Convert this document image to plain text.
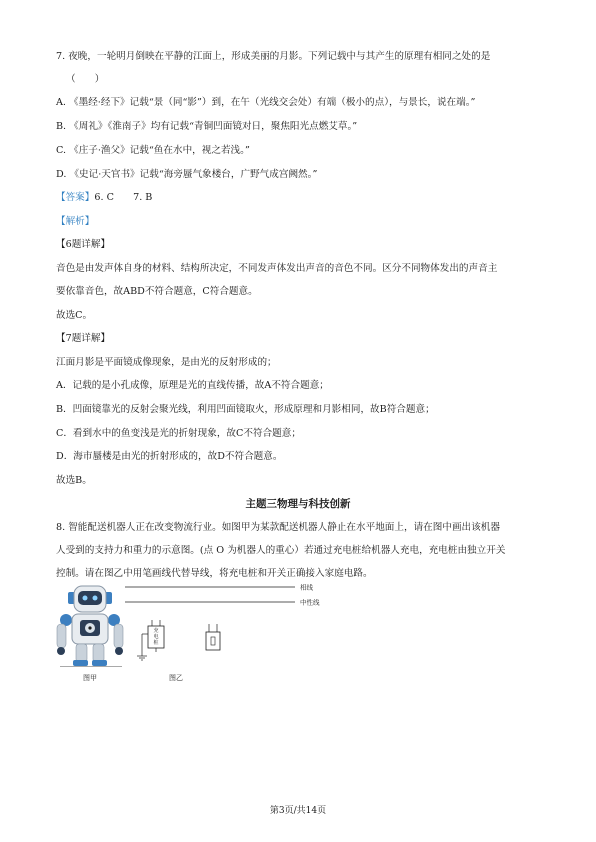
7. 夜晚，一轮明月倒映在平静的江面上，形成美丽的月影。下列记载中与其产生的原理有相同之处的是
（　　）
A. 《墨经·经下》记载“景（同“影”）到，在午（光线交会处）有端（极小的点），与景长，说在端。”
B. 《周礼》《淮南子》均有记载“青铜凹面镜对日，聚焦阳光点燃艾草。”
C. 《庄子·渔父》记载“鱼在水中，视之若浅。”
D. 《史记·天官书》记载“海旁蜃气象楼台，广野气成宫阙然。”
【答案】6. C　　7. B
【解析】
【6题详解】
音色是由发声体自身的材料、结构所决定，不同发声体发出声音的音色不同。区分不同物体发出的声音主
要依靠音色，故ABD不符合题意，C符合题意。
故选C。
【7题详解】
江面月影是平面镜成像现象，是由光的反射形成的；
A．记载的是小孔成像，原理是光的直线传播，故A不符合题意；
B．凹面镜靠光的反射会聚光线，利用凹面镜取火，形成原理和月影相同，故B符合题意；
C．看到水中的鱼变浅是光的折射现象，故C不符合题意；
D．海市蜃楼是由光的折射形成的，故D不符合题意。
故选B。
主题三物理与科技创新
8. 智能配送机器人正在改变物流行业。如图甲为某款配送机器人静止在水平地面上，请在图中画出该机器
人受到的支持力和重力的示意图。(点 O 为机器人的重心）若通过充电桩给机器人充电，充电桩由独立开关
控制。请在图乙中用笔画线代替导线，将充电桩和开关正确接入家庭电路。
图甲
相线
中性线
图乙
充
电
桩
第3页/共14页
